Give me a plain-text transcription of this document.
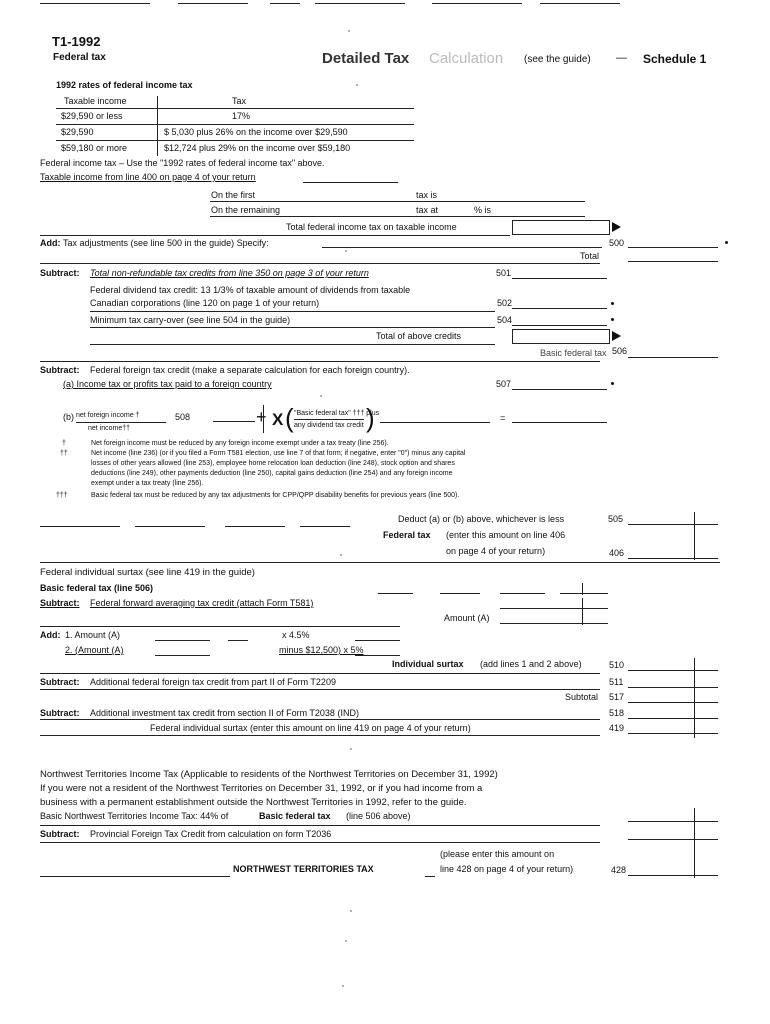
T1-1992
Federal tax	Detailed Tax Calculation (see the guide) — Schedule 1
1992 rates of federal income tax
Taxable income	Tax
$29,590 or less	17%
$29,590	$ 5,030 plus 26% on the income over $29,590
$59,180 or more	$12,724 plus 29% on the income over $59,180
Federal income tax – Use the "1992 rates of federal income tax" above.
Taxable income from line 400 on page 4 of your return
On the first	tax is
On the remaining	tax at	% is
Total federal income tax on taxable income
Add: Tax adjustments (see line 500 in the guide) Specify:	500
Total
Subtract: Total non-refundable tax credits from line 350 on page 3 of your return	501
Federal dividend tax credit: 13 1/3% of taxable amount of dividends from taxable
Canadian corporations (line 120 on page 1 of your return)	502
Minimum tax carry-over (see line 504 in the guide)	504
Total of above credits
Basic federal tax 506
Subtract: Federal foreign tax credit (make a separate calculation for each foreign country).
(a) Income tax or profits tax paid to a foreign country	507
(b) net foreign income †
net income††
508	+ X ( "Basic federal tax" ††† plus
any dividend tax credit )	=
†	Net foreign income must be reduced by any foreign income exempt under a tax treaty (line 256).
††	Net income (line 236) (or if you filed a Form T581 election, use line 7 of that form; if negative, enter "0") minus any capital
losses of other years allowed (line 253), employee home relocation loan deduction (line 248), stock option and shares
deductions (line 249), other payments deduction (line 250), capital gains deduction (line 254) and any foreign income
exempt under a tax treaty (line 256).
†††	Basic federal tax must be reduced by any tax adjustments for CPP/QPP disability benefits for previous years (line 500).
Deduct (a) or (b) above, whichever is less	505
Federal tax (enter this amount on line 406
on page 4 of your return)	406
Federal individual surtax (see line 419 in the guide)
Basic federal tax (line 506)
Subtract: Federal forward averaging tax credit (attach Form T581)
Amount (A)
Add: 1. Amount (A)	x 4.5%
2. (Amount (A)	minus $12,500) x 5%
Individual surtax (add lines 1 and 2 above)	510
Subtract: Additional federal foreign tax credit from part II of Form T2209	511
Subtotal 517
Subtract: Additional investment tax credit from section II of Form T2038 (IND)	518
Federal individual surtax (enter this amount on line 419 on page 4 of your return)	419
Northwest Territories Income Tax (Applicable to residents of the Northwest Territories on December 31, 1992)
If you were not a resident of the Northwest Territories on December 31, 1992, or if you had income from a
business with a permanent establishment outside the Northwest Territories in 1992, refer to the guide.
Basic Northwest Territories Income Tax: 44% of	Basic federal tax (line 506 above)
Subtract: Provincial Foreign Tax Credit from calculation on form T2036
(please enter this amount on
NORTHWEST TERRITORIES TAX	line 428 on page 4 of your return)	428
